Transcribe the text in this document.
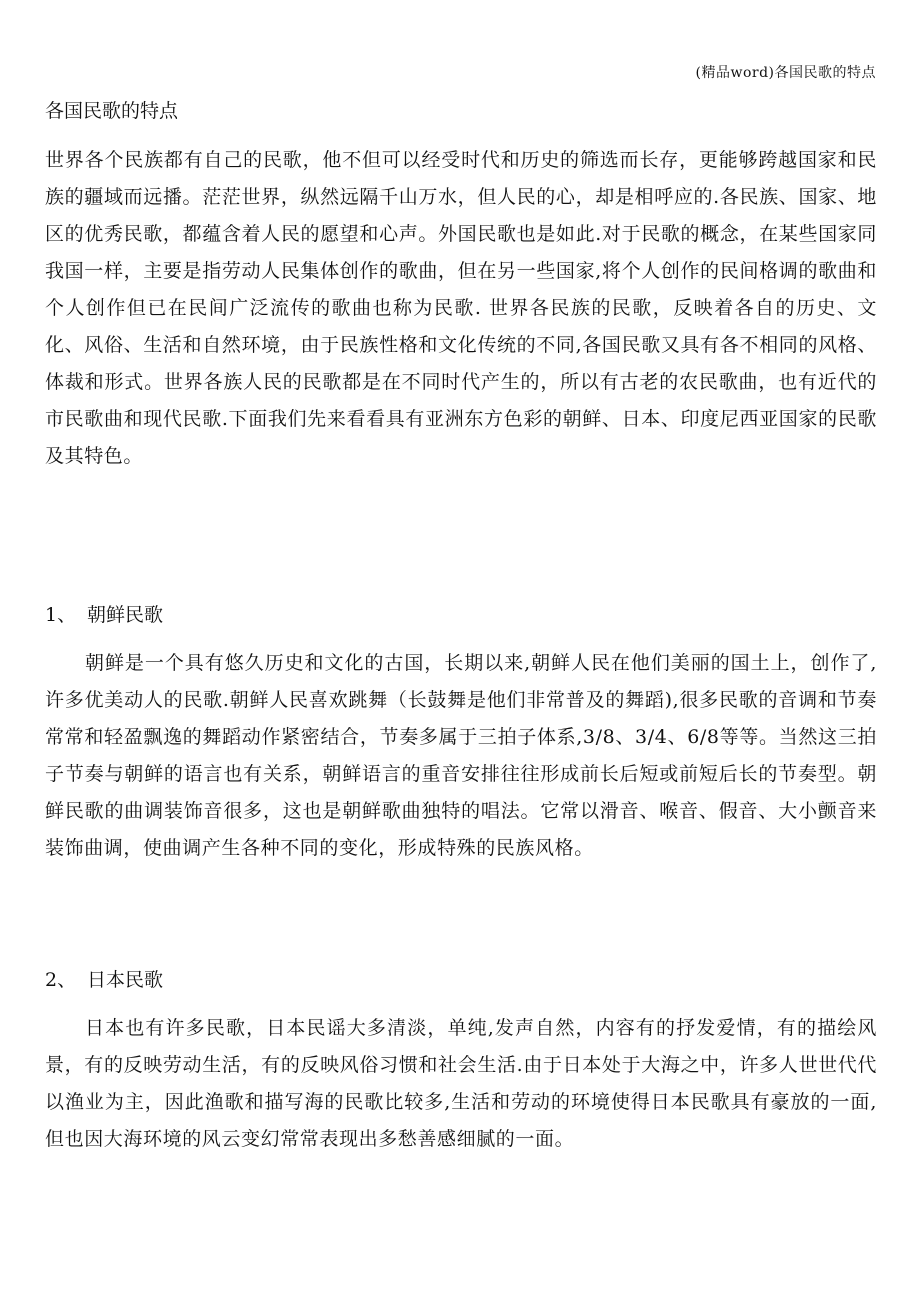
(精品word)各国民歌的特点
各国民歌的特点

世界各个民族都有自己的民歌，他不但可以经受时代和历史的筛选而长存，更能够跨越国家和民族的疆域而远播。茫茫世界，纵然远隔千山万水，但人民的心，却是相呼应的.各民族、国家、地区的优秀民歌，都蕴含着人民的愿望和心声。外国民歌也是如此.对于民歌的概念，在某些国家同我国一样，主要是指劳动人民集体创作的歌曲，但在另一些国家,将个人创作的民间格调的歌曲和个人创作但已在民间广泛流传的歌曲也称为民歌. 世界各民族的民歌，反映着各自的历史、文化、风俗、生活和自然环境，由于民族性格和文化传统的不同,各国民歌又具有各不相同的风格、体裁和形式。世界各族人民的民歌都是在不同时代产生的，所以有古老的农民歌曲，也有近代的市民歌曲和现代民歌.下面我们先来看看具有亚洲东方色彩的朝鲜、日本、印度尼西亚国家的民歌及其特色。

1、 朝鲜民歌

朝鲜是一个具有悠久历史和文化的古国，长期以来,朝鲜人民在他们美丽的国土上，创作了,许多优美动人的民歌.朝鲜人民喜欢跳舞（长鼓舞是他们非常普及的舞蹈),很多民歌的音调和节奏常常和轻盈飘逸的舞蹈动作紧密结合，节奏多属于三拍子体系,3/8、3/4、6/8等等。当然这三拍子节奏与朝鲜的语言也有关系，朝鲜语言的重音安排往往形成前长后短或前短后长的节奏型。朝鲜民歌的曲调装饰音很多，这也是朝鲜歌曲独特的唱法。它常以滑音、喉音、假音、大小颤音来装饰曲调，使曲调产生各种不同的变化，形成特殊的民族风格。

2、 日本民歌

日本也有许多民歌，日本民谣大多清淡，单纯,发声自然，内容有的抒发爱情，有的描绘风景，有的反映劳动生活，有的反映风俗习惯和社会生活.由于日本处于大海之中，许多人世世代代以渔业为主，因此渔歌和描写海的民歌比较多,生活和劳动的环境使得日本民歌具有豪放的一面,但也因大海环境的风云变幻常常表现出多愁善感细腻的一面。
